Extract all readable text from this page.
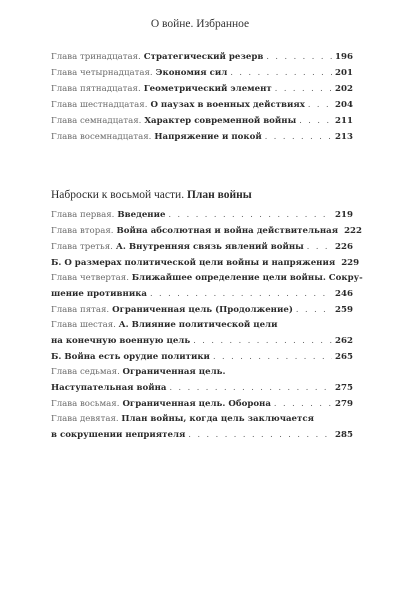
О войне. Избранное
Глава тринадцатая. Стратегический резерв . . .	196
Глава четырнадцатая. Экономия сил . . .	201
Глава пятнадцатая. Геометрический элемент . . .	202
Глава шестнадцатая. О паузах в военных действиях . . .	204
Глава семнадцатая. Характер современной войны . . .	211
Глава восемнадцатая. Напряжение и покой . . .	213
Наброски к восьмой части. План войны
Глава первая. Введение . . .	219
Глава вторая. Война абсолютная и война действительная 222
Глава третья. А. Внутренняя связь явлений войны . . .	226
Б. О размерах политической цели войны и напряжения 229
Глава четвертая. Ближайшее определение цели войны. Сокру-
шение противника . . .	246
Глава пятая. Ограниченная цель (Продолжение) . . .	259
Глава шестая. А. Влияние политической цели
на конечную военную цель . . .	262
Б. Война есть орудие политики . . .	265
Глава седьмая. Ограниченная цель.
Наступательная война . . .	275
Глава восьмая. Ограниченная цель. Оборона . . .	279
Глава девятая. План войны, когда цель заключается
в сокрушении неприятеля . . .	285
